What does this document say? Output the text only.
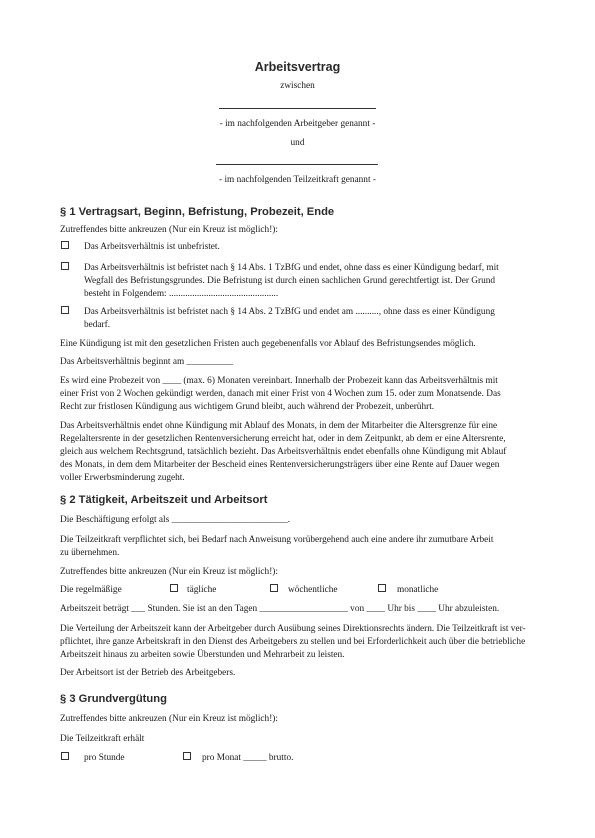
Arbeitsvertrag
zwischen
- im nachfolgenden Arbeitgeber genannt -
und
- im nachfolgenden Teilzeitkraft genannt -
§ 1 Vertragsart, Beginn, Befristung, Probezeit, Ende
Zutreffendes bitte ankreuzen (Nur ein Kreuz ist möglich!):
Das Arbeitsverhältnis ist unbefristet.
Das Arbeitsverhältnis ist befristet nach § 14 Abs. 1 TzBfG und endet, ohne dass es einer Kündigung bedarf, mit
Wegfall des Befristungsgrundes. Die Befristung ist durch einen sachlichen Grund gerechtfertigt ist. Der Grund
besteht in Folgendem: ...............................................
Das Arbeitsverhältnis ist befristet nach § 14 Abs. 2 TzBfG und endet am .........., ohne dass es einer Kündigung
bedarf.
Eine Kündigung ist mit den gesetzlichen Fristen auch gegebenenfalls vor Ablauf des Befristungsendes möglich.
Das Arbeitsverhältnis beginnt am __________
Es wird eine Probezeit von ____ (max. 6) Monaten vereinbart. Innerhalb der Probezeit kann das Arbeitsverhältnis mit
einer Frist von 2 Wochen gekündigt werden, danach mit einer Frist von 4 Wochen zum 15. oder zum Monatsende. Das
Recht zur fristlosen Kündigung aus wichtigem Grund bleibt, auch während der Probezeit, unberührt.
Das Arbeitsverhältnis endet ohne Kündigung mit Ablauf des Monats, in dem der Mitarbeiter die Altersgrenze für eine
Regelaltersrente in der gesetzlichen Rentenversicherung erreicht hat, oder in dem Zeitpunkt, ab dem er eine Altersrente,
gleich aus welchem Rechtsgrund, tatsächlich bezieht. Das Arbeitsverhältnis endet ebenfalls ohne Kündigung mit Ablauf
des Monats, in dem dem Mitarbeiter der Bescheid eines Rentenversicherungsträgers über eine Rente auf Dauer wegen
voller Erwerbsminderung zugeht.
§ 2 Tätigkeit, Arbeitszeit und Arbeitsort
Die Beschäftigung erfolgt als _________________________.
Die Teilzeitkraft verpflichtet sich, bei Bedarf nach Anweisung vorübergehend auch eine andere ihr zumutbare Arbeit
zu übernehmen.
Zutreffendes bitte ankreuzen (Nur ein Kreuz ist möglich!):
Die regelmäßige	tägliche	wöchentliche	monatliche
Arbeitszeit beträgt ___ Stunden. Sie ist an den Tagen ___________________ von ____ Uhr bis ____ Uhr abzuleisten.
Die Verteilung der Arbeitszeit kann der Arbeitgeber durch Ausübung seines Direktionsrechts ändern. Die Teilzeitkraft ist ver-
pflichtet, ihre ganze Arbeitskraft in den Dienst des Arbeitgebers zu stellen und bei Erforderlichkeit auch über die betriebliche
Arbeitszeit hinaus zu arbeiten sowie Überstunden und Mehrarbeit zu leisten.
Der Arbeitsort ist der Betrieb des Arbeitgebers.
§ 3 Grundvergütung
Zutreffendes bitte ankreuzen (Nur ein Kreuz ist möglich!):
Die Teilzeitkraft erhält
pro Stunde	pro Monat _____ brutto.
